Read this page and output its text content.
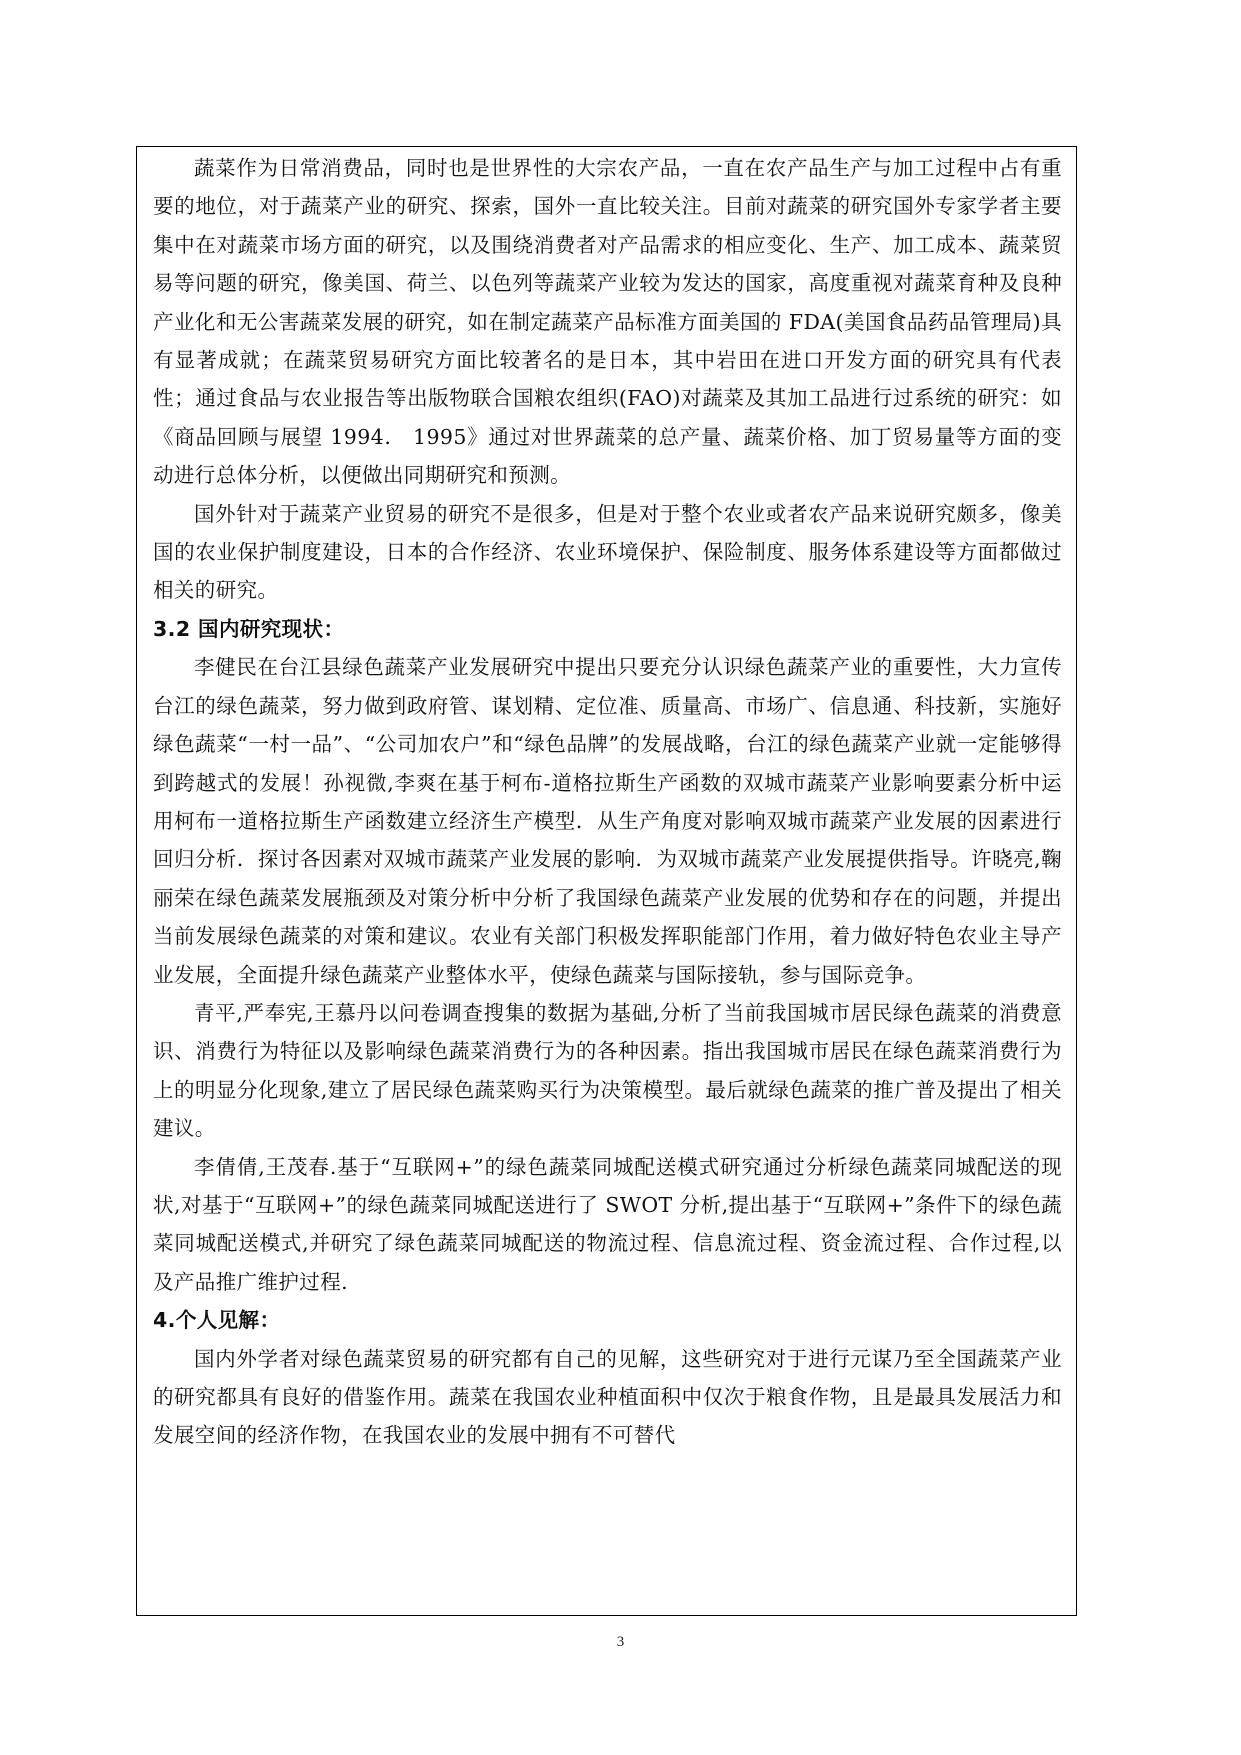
蔬菜作为日常消费品，同时也是世界性的大宗农产品，一直在农产品生产与加工过程中占有重要的地位，对于蔬菜产业的研究、探索，国外一直比较关注。目前对蔬菜的研究国外专家学者主要集中在对蔬菜市场方面的研究，以及围绕消费者对产品需求的相应变化、生产、加工成本、蔬菜贸易等问题的研究，像美国、荷兰、以色列等蔬菜产业较为发达的国家，高度重视对蔬菜育种及良种产业化和无公害蔬菜发展的研究，如在制定蔬菜产品标准方面美国的 FDA(美国食品药品管理局)具有显著成就；在蔬菜贸易研究方面比较著名的是日本，其中岩田在进口开发方面的研究具有代表性；通过食品与农业报告等出版物联合国粮农组织(FAO)对蔬菜及其加工品进行过系统的研究：如《商品回顾与展望 1994． 1995》通过对世界蔬菜的总产量、蔬菜价格、加丁贸易量等方面的变动进行总体分析，以便做出同期研究和预测。

国外针对于蔬菜产业贸易的研究不是很多，但是对于整个农业或者农产品来说研究颇多，像美国的农业保护制度建设，日本的合作经济、农业环境保护、保险制度、服务体系建设等方面都做过相关的研究。

3.2 国内研究现状：

李健民在台江县绿色蔬菜产业发展研究中提出只要充分认识绿色蔬菜产业的重要性，大力宣传台江的绿色蔬菜，努力做到政府管、谋划精、定位准、质量高、市场广、信息通、科技新，实施好绿色蔬菜“一村一品”、“公司加农户”和“绿色品牌”的发展战略，台江的绿色蔬菜产业就一定能够得到跨越式的发展！孙视微,李爽在基于柯布-道格拉斯生产函数的双城市蔬菜产业影响要素分析中运用柯布一道格拉斯生产函数建立经济生产模型．从生产角度对影响双城市蔬菜产业发展的因素进行回归分析．探讨各因素对双城市蔬菜产业发展的影响．为双城市蔬菜产业发展提供指导。许晓亮,鞠丽荣在绿色蔬菜发展瓶颈及对策分析中分析了我国绿色蔬菜产业发展的优势和存在的问题，并提出当前发展绿色蔬菜的对策和建议。农业有关部门积极发挥职能部门作用，着力做好特色农业主导产业发展，全面提升绿色蔬菜产业整体水平，使绿色蔬菜与国际接轨，参与国际竞争。

青平,严奉宪,王慕丹以问卷调查搜集的数据为基础,分析了当前我国城市居民绿色蔬菜的消费意识、消费行为特征以及影响绿色蔬菜消费行为的各种因素。指出我国城市居民在绿色蔬菜消费行为上的明显分化现象,建立了居民绿色蔬菜购买行为决策模型。最后就绿色蔬菜的推广普及提出了相关建议。

李倩倩,王茂春.基于“互联网+”的绿色蔬菜同城配送模式研究通过分析绿色蔬菜同城配送的现状,对基于“互联网+”的绿色蔬菜同城配送进行了 SWOT 分析,提出基于“互联网+”条件下的绿色蔬菜同城配送模式,并研究了绿色蔬菜同城配送的物流过程、信息流过程、资金流过程、合作过程,以及产品推广维护过程.

4.个人见解：

国内外学者对绿色蔬菜贸易的研究都有自己的见解，这些研究对于进行元谋乃至全国蔬菜产业的研究都具有良好的借鉴作用。蔬菜在我国农业种植面积中仅次于粮食作物，且是最具发展活力和发展空间的经济作物，在我国农业的发展中拥有不可替代

3
